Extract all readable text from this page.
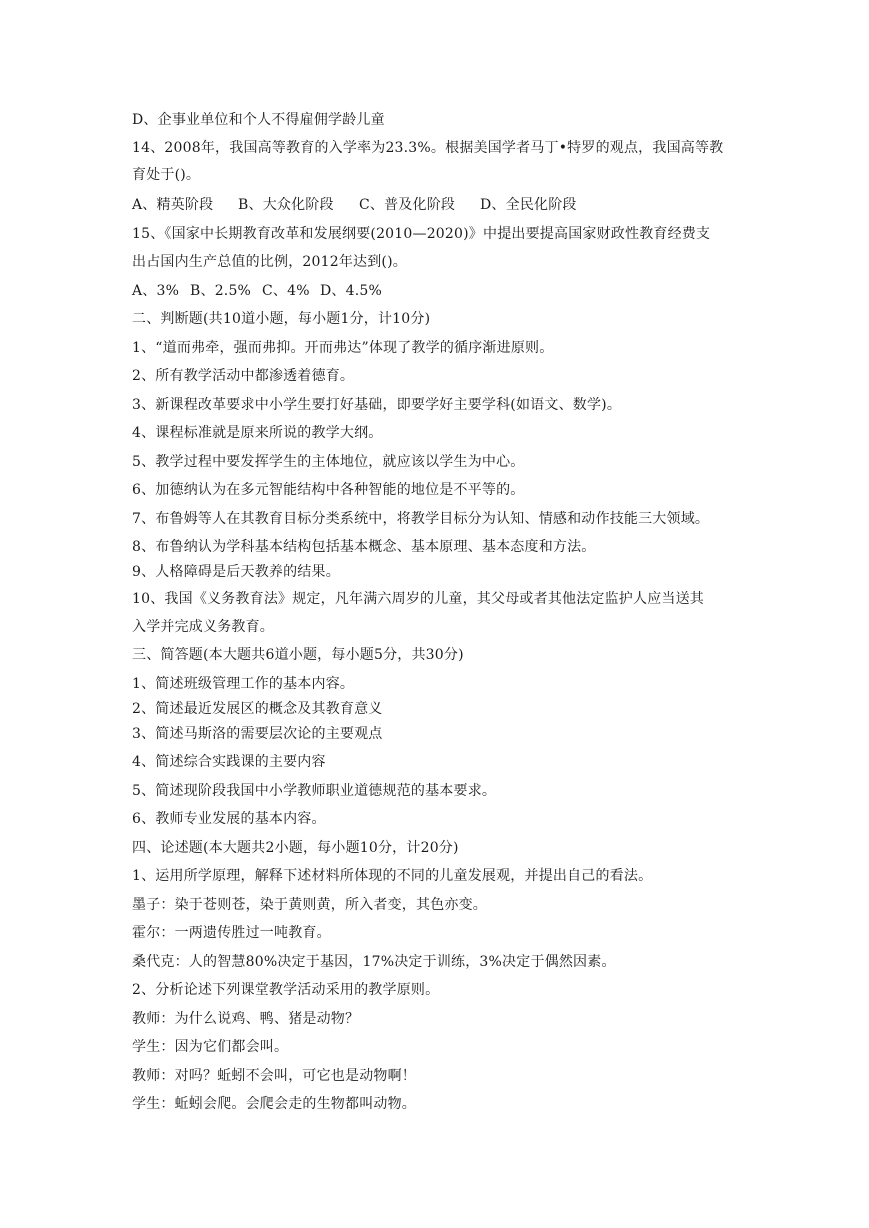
D、企事业单位和个人不得雇佣学龄儿童
14、2008年，我国高等教育的入学率为23.3%。根据美国学者马丁•特罗的观点，我国高等教
育处于()。
A、精英阶段 B、大众化阶段 C、普及化阶段 D、全民化阶段
15、《国家中长期教育改革和发展纲要(2010—2020)》中提出要提高国家财政性教育经费支
出占国内生产总值的比例，2012年达到()。
A、3% B、2.5% C、4% D、4.5%
二、判断题(共10道小题，每小题1分，计10分)
1、“道而弗牵，强而弗抑。开而弗达”体现了教学的循序渐进原则。
2、所有教学活动中都渗透着德育。
3、新课程改革要求中小学生要打好基础，即要学好主要学科(如语文、数学)。
4、课程标准就是原来所说的教学大纲。
5、教学过程中要发挥学生的主体地位，就应该以学生为中心。
6、加德纳认为在多元智能结构中各种智能的地位是不平等的。
7、布鲁姆等人在其教育目标分类系统中，将教学目标分为认知、情感和动作技能三大领域。
8、布鲁纳认为学科基本结构包括基本概念、基本原理、基本态度和方法。
9、人格障碍是后天教养的结果。
10、我国《义务教育法》规定，凡年满六周岁的儿童，其父母或者其他法定监护人应当送其
入学并完成义务教育。
三、简答题(本大题共6道小题，每小题5分，共30分)
1、简述班级管理工作的基本内容。
2、简述最近发展区的概念及其教育意义
3、简述马斯洛的需要层次论的主要观点
4、简述综合实践课的主要内容
5、简述现阶段我国中小学教师职业道德规范的基本要求。
6、教师专业发展的基本内容。
四、论述题(本大题共2小题，每小题10分，计20分)
1、运用所学原理，解释下述材料所体现的不同的儿童发展观，并提出自己的看法。
墨子：染于苍则苍，染于黄则黄，所入者变，其色亦变。
霍尔：一两遗传胜过一吨教育。
桑代克：人的智慧80%决定于基因，17%决定于训练，3%决定于偶然因素。
2、分析论述下列课堂教学活动采用的教学原则。
教师：为什么说鸡、鸭、猪是动物？
学生：因为它们都会叫。
教师：对吗？蚯蚓不会叫，可它也是动物啊！
学生：蚯蚓会爬。会爬会走的生物都叫动物。
